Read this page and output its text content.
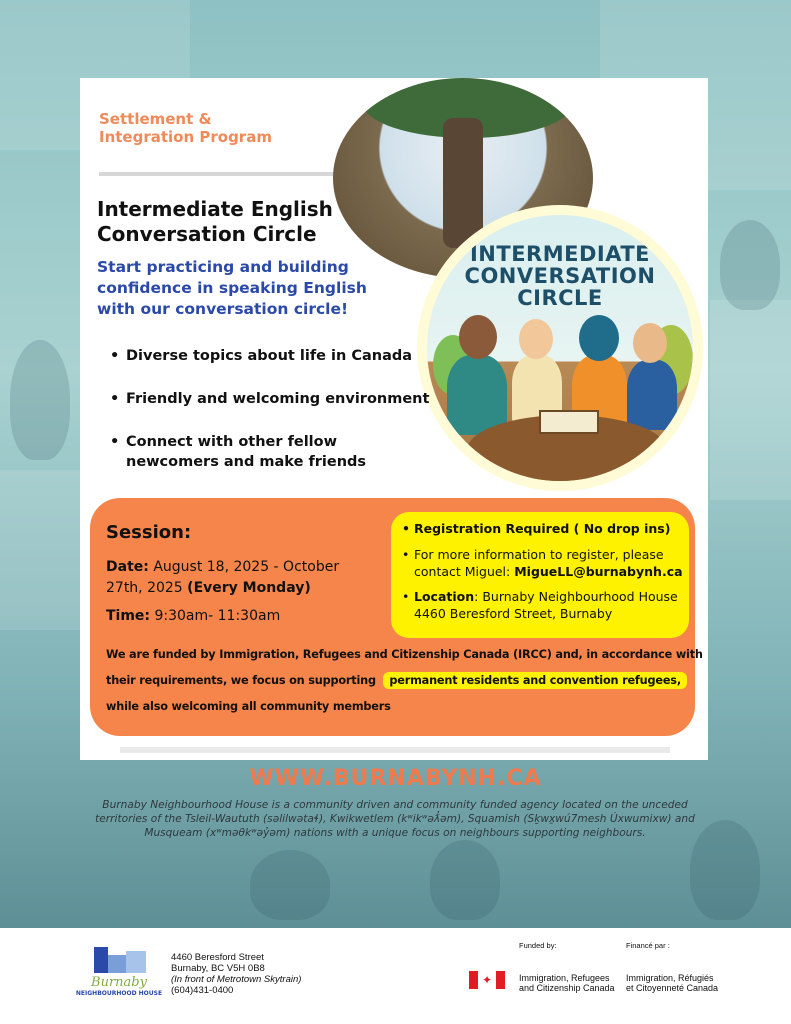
Settlement & Integration Program
Intermediate English Conversation Circle
Start practicing and building confidence in speaking English with our conversation circle!
INTERMEDIATE
CONVERSATION
CIRCLE
• Diverse topics about life in Canada
• Friendly and welcoming environment
• Connect with other fellow newcomers and make friends
Session:
Date: August 18, 2025 - October 27th, 2025 (Every Monday)
Time: 9:30am- 11:30am
• Registration Required ( No drop ins)
• For more information to register, please contact Miguel: MigueLL@burnabynh.ca
• Location: Burnaby Neighbourhood House
4460 Beresford Street, Burnaby
We are funded by Immigration, Refugees and Citizenship Canada (IRCC) and, in accordance with
their requirements, we focus on supporting permanent residents and convention refugees,
while also welcoming all community members
WWW.BURNABYNH.CA
Burnaby Neighbourhood House is a community driven and community funded agency located on the unceded territories of the Tsleil-Waututh (səlilwətaɬ), Kwikwetlem (kʷikʷəƛ̓əm), Squamish (Sḵwx̱wú7mesh Úxwumixw) and Musqueam (xʷməθkʷəy̓əm) nations with a unique focus on neighbours supporting neighbours.
Burnaby
NEIGHBOURHOOD HOUSE
4460 Beresford Street
Burnaby, BC V5H 0B8
(In front of Metrotown Skytrain)
(604)431-0400
Funded by:	Financé par :
✦	Immigration, Refugees
and Citizenship Canada
Immigration, Réfugiés
et Citoyenneté Canada
